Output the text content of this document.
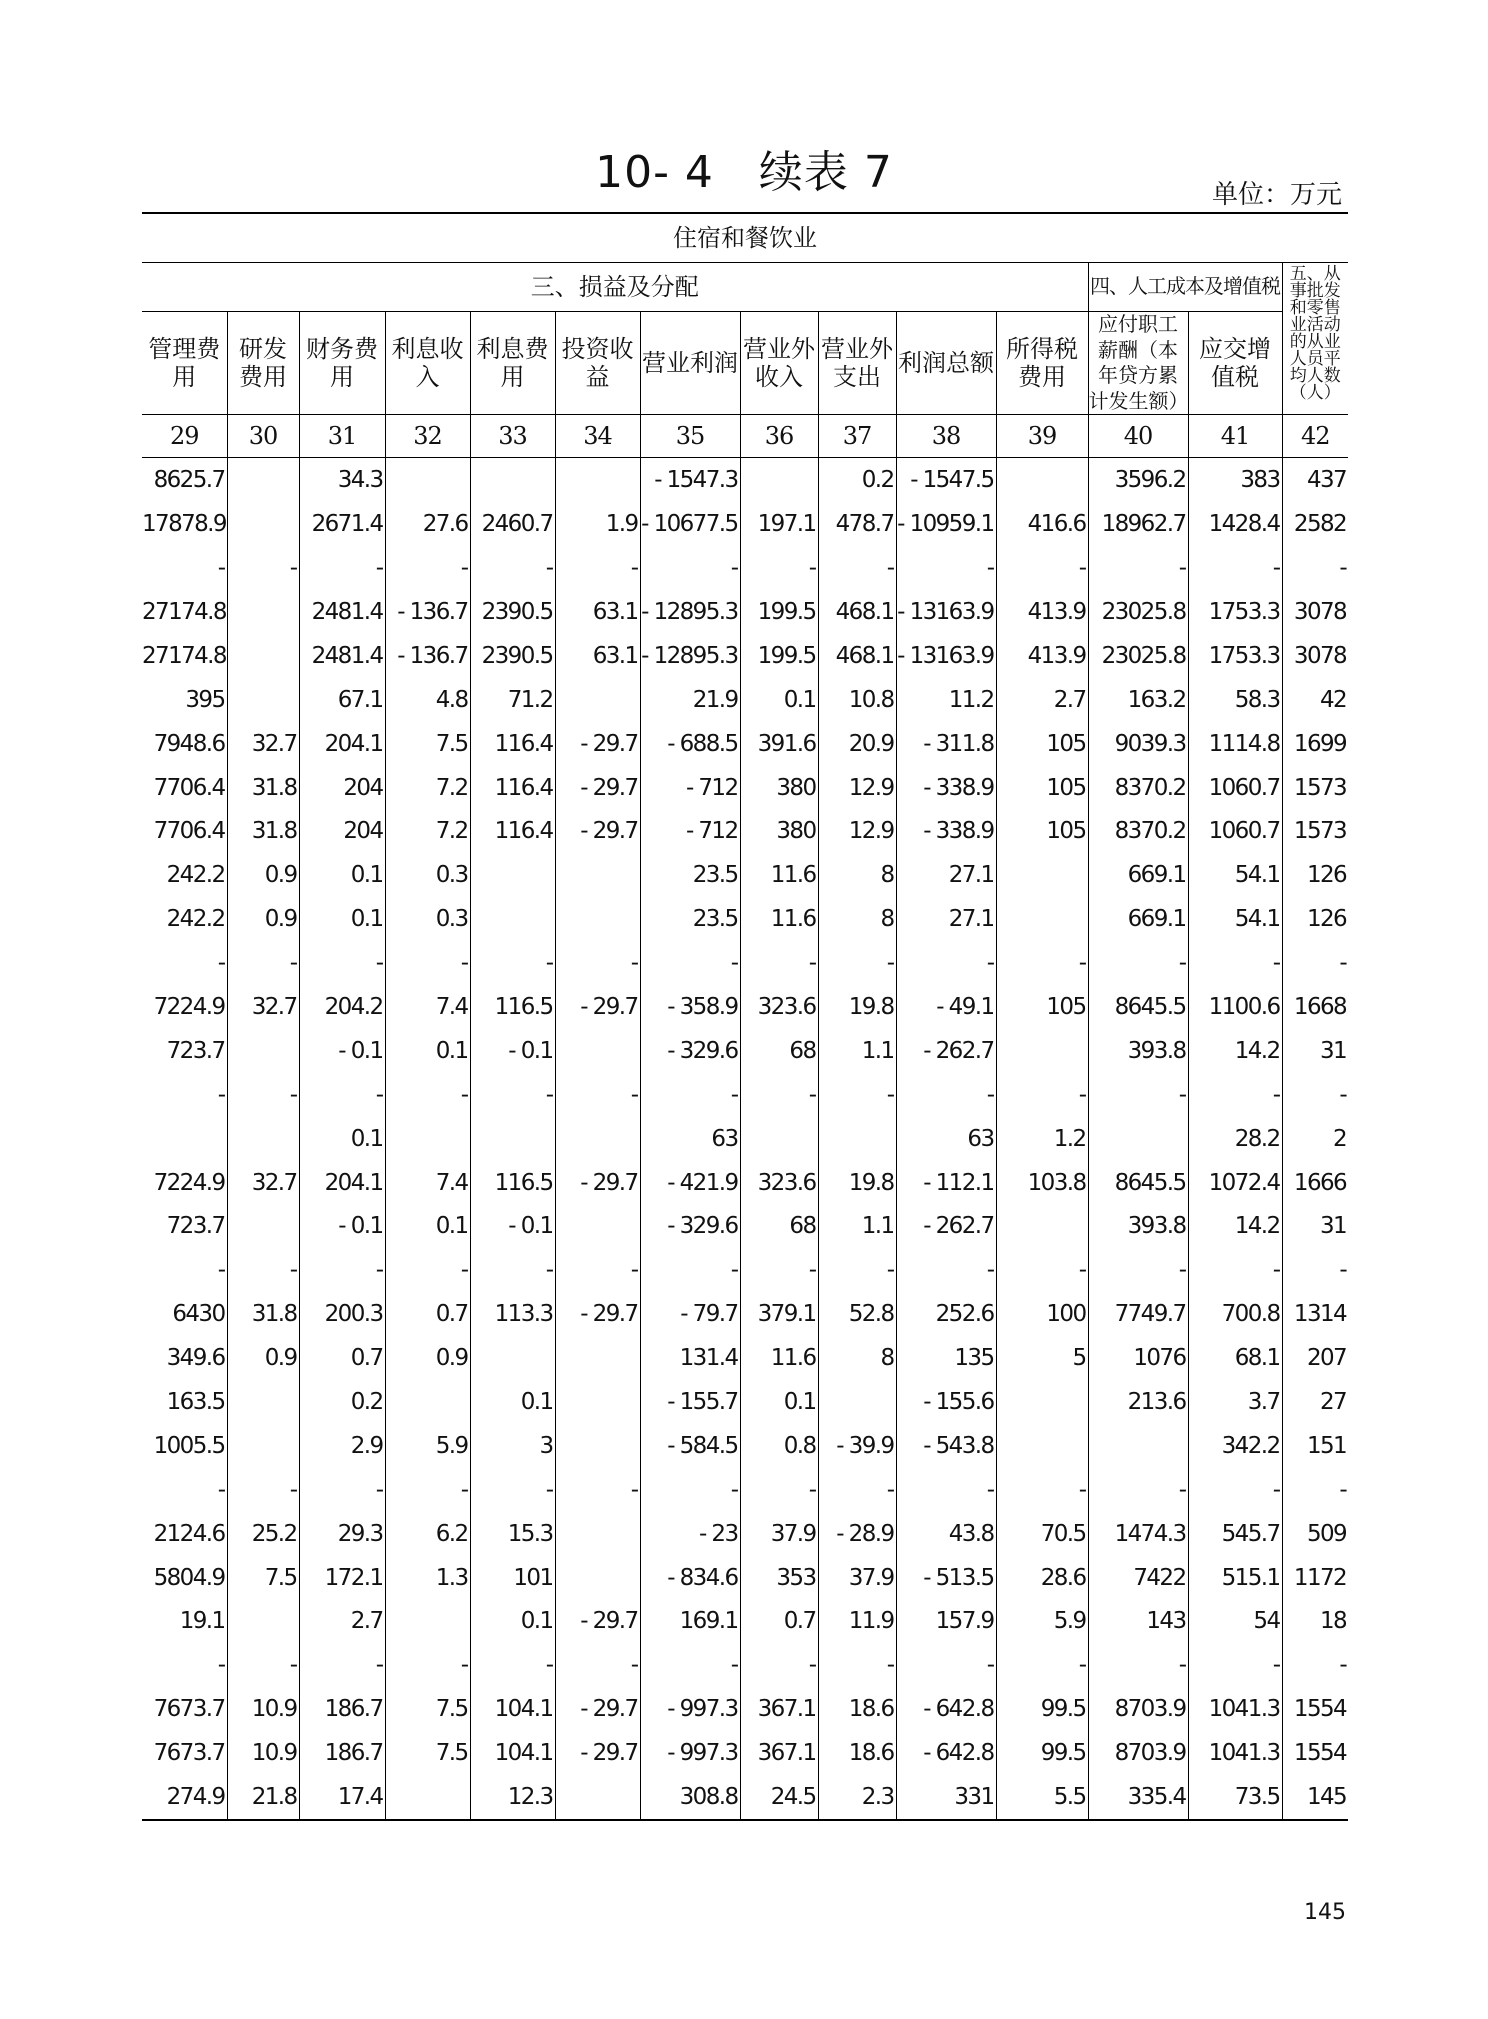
10- 4　续表 7	单位：万元
住宿和餐饮业													
三、损益及分配											四、人工成本及增值税		五、从事批发和零售业活动的从业人员平均人数（人）
管理费用	研发费用	财务费用	利息收入	利息费用	投资收益	营业利润	营业外收入	营业外支出	利润总额	所得税费用	应付职工薪酬（本年贷方累计发生额）	应交增值税	

29	30	31	32	33	34	35	36	37	38	39	40	41	42
8625.7		34.3				- 1547.3		0.2	- 1547.5		3596.2	383	437
17878.9		2671.4	27.6	2460.7	1.9	- 10677.5	197.1	478.7	- 10959.1	416.6	18962.7	1428.4	2582
-	-	-	-	-	-	-	-	-	-	-	-	-	-
27174.8		2481.4	- 136.7	2390.5	63.1	- 12895.3	199.5	468.1	- 13163.9	413.9	23025.8	1753.3	3078
27174.8		2481.4	- 136.7	2390.5	63.1	- 12895.3	199.5	468.1	- 13163.9	413.9	23025.8	1753.3	3078
395		67.1	4.8	71.2		21.9	0.1	10.8	11.2	2.7	163.2	58.3	42
7948.6	32.7	204.1	7.5	116.4	- 29.7	- 688.5	391.6	20.9	- 311.8	105	9039.3	1114.8	1699
7706.4	31.8	204	7.2	116.4	- 29.7	- 712	380	12.9	- 338.9	105	8370.2	1060.7	1573
7706.4	31.8	204	7.2	116.4	- 29.7	- 712	380	12.9	- 338.9	105	8370.2	1060.7	1573
242.2	0.9	0.1	0.3			23.5	11.6	8	27.1		669.1	54.1	126
242.2	0.9	0.1	0.3			23.5	11.6	8	27.1		669.1	54.1	126
-	-	-	-	-	-	-	-	-	-	-	-	-	-
7224.9	32.7	204.2	7.4	116.5	- 29.7	- 358.9	323.6	19.8	- 49.1	105	8645.5	1100.6	1668
723.7		- 0.1	0.1	- 0.1		- 329.6	68	1.1	- 262.7		393.8	14.2	31
-	-	-	-	-	-	-	-	-	-	-	-	-	-
		0.1				63			63	1.2		28.2	2
7224.9	32.7	204.1	7.4	116.5	- 29.7	- 421.9	323.6	19.8	- 112.1	103.8	8645.5	1072.4	1666
723.7		- 0.1	0.1	- 0.1		- 329.6	68	1.1	- 262.7		393.8	14.2	31
-	-	-	-	-	-	-	-	-	-	-	-	-	-
6430	31.8	200.3	0.7	113.3	- 29.7	- 79.7	379.1	52.8	252.6	100	7749.7	700.8	1314
349.6	0.9	0.7	0.9			131.4	11.6	8	135	5	1076	68.1	207
163.5		0.2		0.1		- 155.7	0.1		- 155.6		213.6	3.7	27
1005.5		2.9	5.9	3		- 584.5	0.8	- 39.9	- 543.8			342.2	151
-	-	-	-	-	-	-	-	-	-	-	-	-	-
2124.6	25.2	29.3	6.2	15.3		- 23	37.9	- 28.9	43.8	70.5	1474.3	545.7	509
5804.9	7.5	172.1	1.3	101		- 834.6	353	37.9	- 513.5	28.6	7422	515.1	1172
19.1		2.7		0.1	- 29.7	169.1	0.7	11.9	157.9	5.9	143	54	18
-	-	-	-	-	-	-	-	-	-	-	-	-	-
7673.7	10.9	186.7	7.5	104.1	- 29.7	- 997.3	367.1	18.6	- 642.8	99.5	8703.9	1041.3	1554
7673.7	10.9	186.7	7.5	104.1	- 29.7	- 997.3	367.1	18.6	- 642.8	99.5	8703.9	1041.3	1554
274.9	21.8	17.4		12.3		308.8	24.5	2.3	331	5.5	335.4	73.5	145
145
